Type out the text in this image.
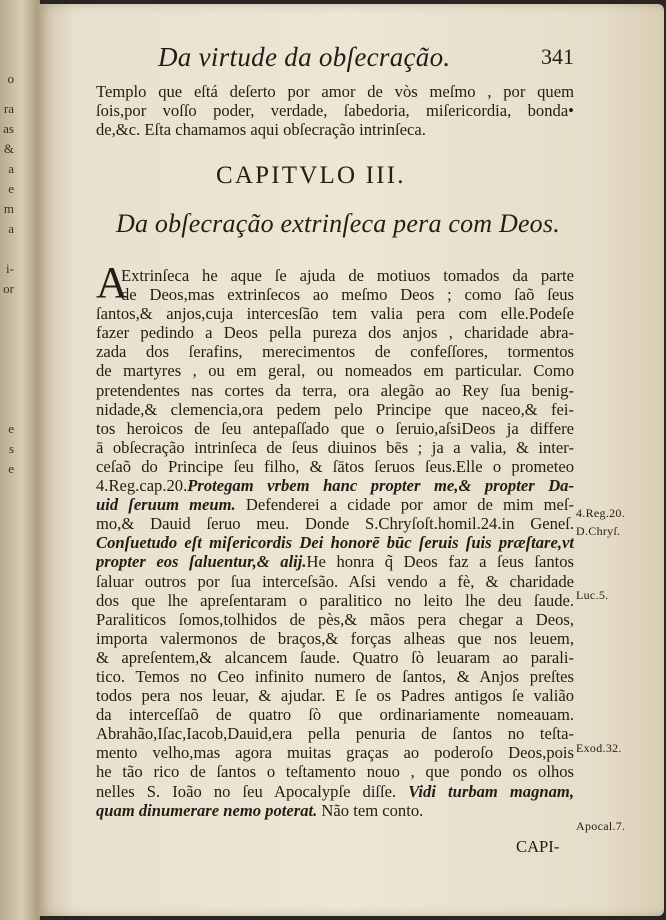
o
ra
as
&
a
e
m
a
i-
or
e
s
e
Da virtude da obſecração.	341
Templo que eſtá deſerto por amor de vòs meſmo , por quem
ſois,por voſſo poder, verdade, ſabedoria, miſericordia, bonda•
de,&c. Eſta chamamos aqui obſecração intrinſeca.
CAPITVLO III.
Da obſecração extrinſeca pera com Deos.
A
Extrinſeca he aque ſe ajuda de motiuos tomados da parte
de Deos,mas extrinſecos ao meſmo Deos ; como ſaõ ſeus
ſantos,& anjos,cuja intercesſão tem valia pera com elle.Podeſe
fazer pedindo a Deos pella pureza dos anjos , charidade abra-
zada dos ſerafins, merecimentos de confeſſores, tormentos
de martyres , ou em geral, ou nomeados em particular. Como
pretendentes nas cortes da terra, ora alegão ao Rey ſua benig-
nidade,& clemencia,ora pedem pelo Principe que naceo,& fei-
tos heroicos de ſeu antepaſſado que o ſeruio,aſsiDeos ja differe
ā obſecração intrinſeca de ſeus diuinos bēs ; ja a valia, & inter-
ceſaõ do Principe ſeu filho, & ſātos ſeruos ſeus.Elle o prometeo
4.Reg.cap.20.Protegam vrbem hanc propter me,& propter Da-
uid ſeruum meum. Defenderei a cidade por amor de mim meſ-
mo,& Dauid ſeruo meu. Donde S.Chryſoſt.homil.24.in Geneſ.
Conſuetudo eſt miſericordis Dei honorē būc ſeruis ſuis præſtare,vt
propter eos ſaluentur,& alij.He honra q̃ Deos faz a ſeus ſantos
ſaluar outros por ſua interceſsão. Aſsi vendo a fè, & charidade
dos que lhe apreſentaram o paralitico no leito lhe deu ſaude.
Paraliticos ſomos,tolhidos de pès,& mãos pera chegar a Deos,
importa valermonos de braços,& forças alheas que nos leuem,
& apreſentem,& alcancem ſaude. Quatro ſò leuaram ao parali-
tico. Temos no Ceo infinito numero de ſantos, & Anjos preſtes
todos pera nos leuar, & ajudar. E ſe os Padres antigos ſe valião
da interceſſaõ de quatro ſò que ordinariamente nomeauam.
Abrahão,Iſac,Iacob,Dauid,era pella penuria de ſantos no teſta-
mento velho,mas agora muitas graças ao poderoſo Deos,pois
he tão rico de ſantos o teſtamento nouo , que pondo os olhos
nelles S. Ioão no ſeu Apocalypſe diſſe. Vidi turbam magnam,
quam dinumerare nemo poterat. Não tem conto.
4.Reg.20.
D.Chryſ.
Luc.5.
Exod.32.
Apocal.7.
CAPI-
